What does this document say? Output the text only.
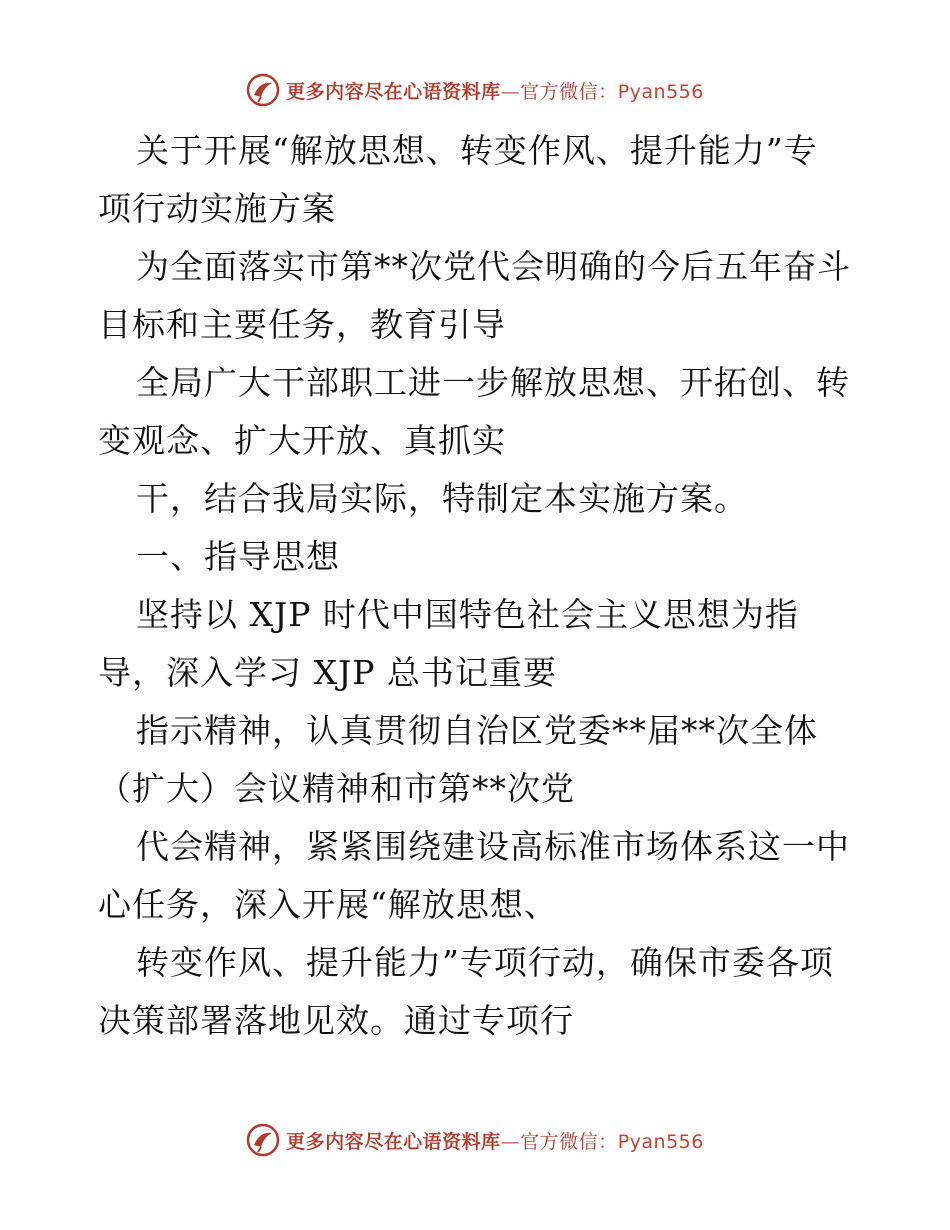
更多内容尽在心语资料库—官方微信：Pyan556
关于开展“解放思想、转变作风、提升能力”专
项行动实施方案
为全面落实市第**次党代会明确的今后五年奋斗
目标和主要任务，教育引导
全局广大干部职工进一步解放思想、开拓创、转
变观念、扩大开放、真抓实
干，结合我局实际，特制定本实施方案。
一、指导思想
坚持以 XJP 时代中国特色社会主义思想为指
导，深入学习 XJP 总书记重要
指示精神，认真贯彻自治区党委**届**次全体
（扩大）会议精神和市第**次党
代会精神，紧紧围绕建设高标准市场体系这一中
心任务，深入开展“解放思想、
转变作风、提升能力”专项行动，确保市委各项
决策部署落地见效。通过专项行
更多内容尽在心语资料库—官方微信：Pyan556
